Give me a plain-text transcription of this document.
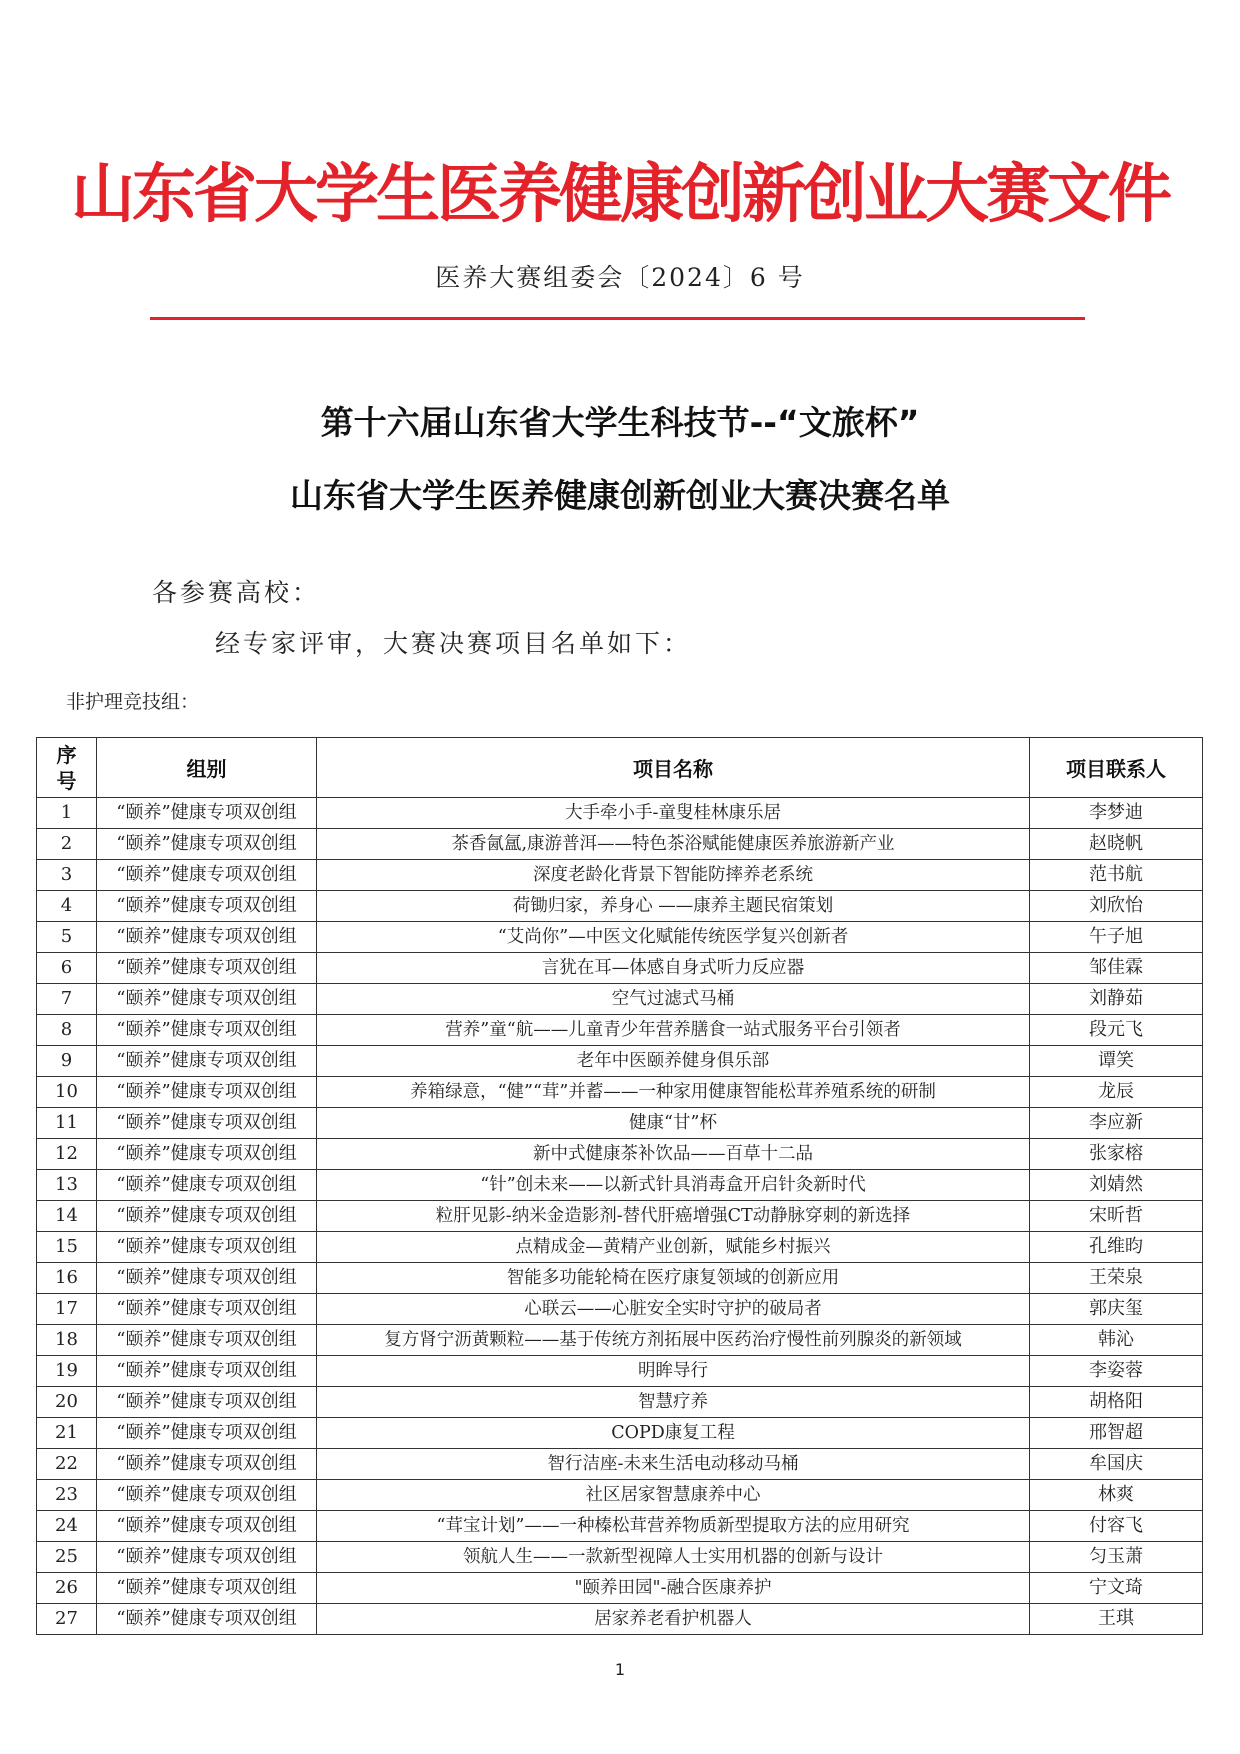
山东省大学生医养健康创新创业大赛文件
医养大赛组委会〔2024〕6 号
第十六届山东省大学生科技节--“文旅杯”
山东省大学生医养健康创新创业大赛决赛名单
各参赛高校：
经专家评审，大赛决赛项目名单如下：
非护理竞技组：
序
号	组别	项目名称	项目联系人
1	“颐养”健康专项双创组	大手牵小手-童叟桂林康乐居	李梦迪
2	“颐养”健康专项双创组	茶香氤氲,康游普洱——特色茶浴赋能健康医养旅游新产业	赵晓帆
3	“颐养”健康专项双创组	深度老龄化背景下智能防摔养老系统	范书航
4	“颐养”健康专项双创组	荷锄归家，养身心 ——康养主题民宿策划	刘欣怡
5	“颐养”健康专项双创组	“艾尚你”—中医文化赋能传统医学复兴创新者	午子旭
6	“颐养”健康专项双创组	言犹在耳—体感自身式听力反应器	邹佳霖
7	“颐养”健康专项双创组	空气过滤式马桶	刘静茹
8	“颐养”健康专项双创组	营养”童“航——儿童青少年营养膳食一站式服务平台引领者	段元飞
9	“颐养”健康专项双创组	老年中医颐养健身俱乐部	谭笑
10	“颐养”健康专项双创组	养箱绿意，“健”“茸”并蓄——一种家用健康智能松茸养殖系统的研制	龙辰
11	“颐养”健康专项双创组	健康“甘”杯	李应新
12	“颐养”健康专项双创组	新中式健康茶补饮品——百草十二品	张家榕
13	“颐养”健康专项双创组	“针”创未来——以新式针具消毒盒开启针灸新时代	刘婧然
14	“颐养”健康专项双创组	粒肝见影-纳米金造影剂-替代肝癌增强CT动静脉穿刺的新选择	宋昕哲
15	“颐养”健康专项双创组	点精成金—黄精产业创新，赋能乡村振兴	孔维昀
16	“颐养”健康专项双创组	智能多功能轮椅在医疗康复领域的创新应用	王荣泉
17	“颐养”健康专项双创组	心联云——心脏安全实时守护的破局者	郭庆玺
18	“颐养”健康专项双创组	复方肾宁沥黄颗粒——基于传统方剂拓展中医药治疗慢性前列腺炎的新领域	韩沁
19	“颐养”健康专项双创组	明眸导行	李姿蓉
20	“颐养”健康专项双创组	智慧疗养	胡格阳
21	“颐养”健康专项双创组	COPD康复工程	邢智超
22	“颐养”健康专项双创组	智行洁座-未来生活电动移动马桶	牟国庆
23	“颐养”健康专项双创组	社区居家智慧康养中心	林爽
24	“颐养”健康专项双创组	“茸宝计划”——一种榛松茸营养物质新型提取方法的应用研究	付容飞
25	“颐养”健康专项双创组	领航人生——一款新型视障人士实用机器的创新与设计	匀玉萧
26	“颐养”健康专项双创组	"颐养田园"-融合医康养护	宁文琦
27	“颐养”健康专项双创组	居家养老看护机器人	王琪
1
